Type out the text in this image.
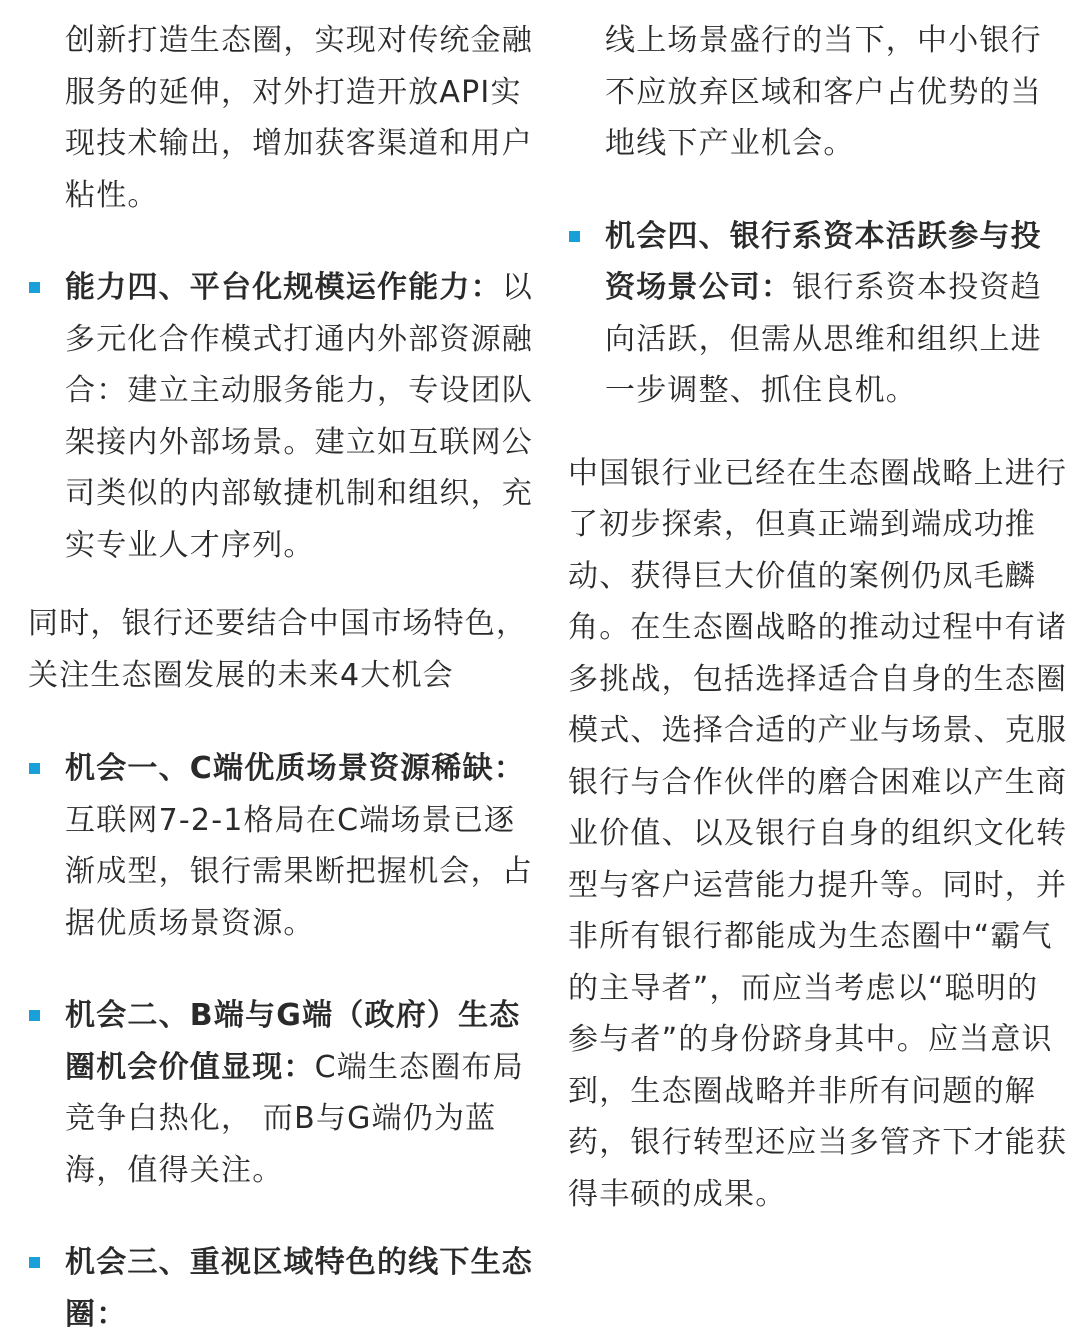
创新打造生态圈，实现对传统金融服务的延伸，对外打造开放API实现技术输出，增加获客渠道和用户粘性。

能力四、平台化规模运作能力：以多元化合作模式打通内外部资源融合：建立主动服务能力，专设团队架接内外部场景。建立如互联网公司类似的内部敏捷机制和组织，充实专业人才序列。

同时，银行还要结合中国市场特色，关注生态圈发展的未来4大机会

机会一、C端优质场景资源稀缺：互联网7-2-1格局在C端场景已逐渐成型，银行需果断把握机会，占据优质场景资源。
机会二、B端与G端（政府）生态圈机会价值显现：C端生态圈布局竞争白热化， 而B与G端仍为蓝海，值得关注。
机会三、重视区域特色的线下生态圈：

线上场景盛行的当下，中小银行不应放弃区域和客户占优势的当地线下产业机会。

机会四、银行系资本活跃参与投资场景公司：银行系资本投资趋向活跃，但需从思维和组织上进一步调整、抓住良机。

中国银行业已经在生态圈战略上进行了初步探索，但真正端到端成功推动、获得巨大价值的案例仍凤毛麟角。在生态圈战略的推动过程中有诸多挑战，包括选择适合自身的生态圈模式、选择合适的产业与场景、克服银行与合作伙伴的磨合困难以产生商业价值、以及银行自身的组织文化转型与客户运营能力提升等。同时，并非所有银行都能成为生态圈中“霸气的主导者”，而应当考虑以“聪明的参与者”的身份跻身其中。应当意识到，生态圈战略并非所有问题的解药，银行转型还应当多管齐下才能获得丰硕的成果。
